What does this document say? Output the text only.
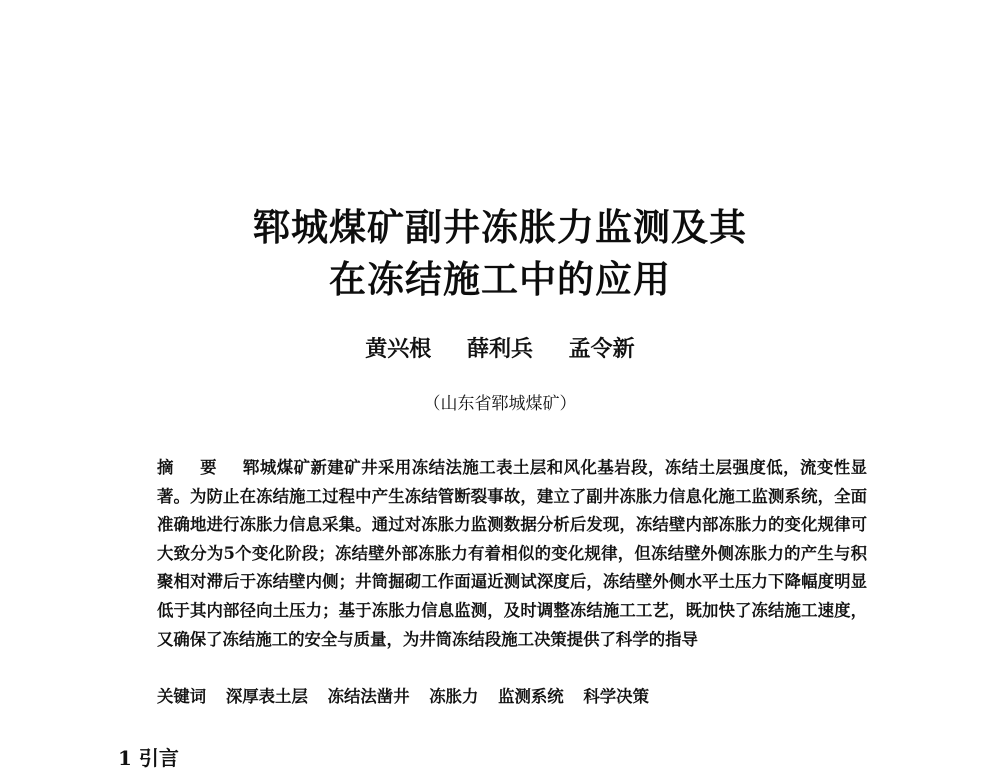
郓城煤矿副井冻胀力监测及其
在冻结施工中的应用
黄兴根 薛利兵 孟令新
（山东省郓城煤矿）
摘 要 郓城煤矿新建矿井采用冻结法施工表土层和风化基岩段，冻结土层强度低，流变性显著。为防止在冻结施工过程中产生冻结管断裂事故，建立了副井冻胀力信息化施工监测系统，全面准确地进行冻胀力信息采集。通过对冻胀力监测数据分析后发现，冻结壁内部冻胀力的变化规律可大致分为5个变化阶段；冻结壁外部冻胀力有着相似的变化规律，但冻结壁外侧冻胀力的产生与积聚相对滞后于冻结壁内侧；井筒掘砌工作面逼近测试深度后，冻结壁外侧水平土压力下降幅度明显低于其内部径向土压力；基于冻胀力信息监测，及时调整冻结施工工艺，既加快了冻结施工速度，又确保了冻结施工的安全与质量，为井筒冻结段施工决策提供了科学的指导
关键词 深厚表土层 冻结法凿井 冻胀力 监测系统 科学决策
1 引言
